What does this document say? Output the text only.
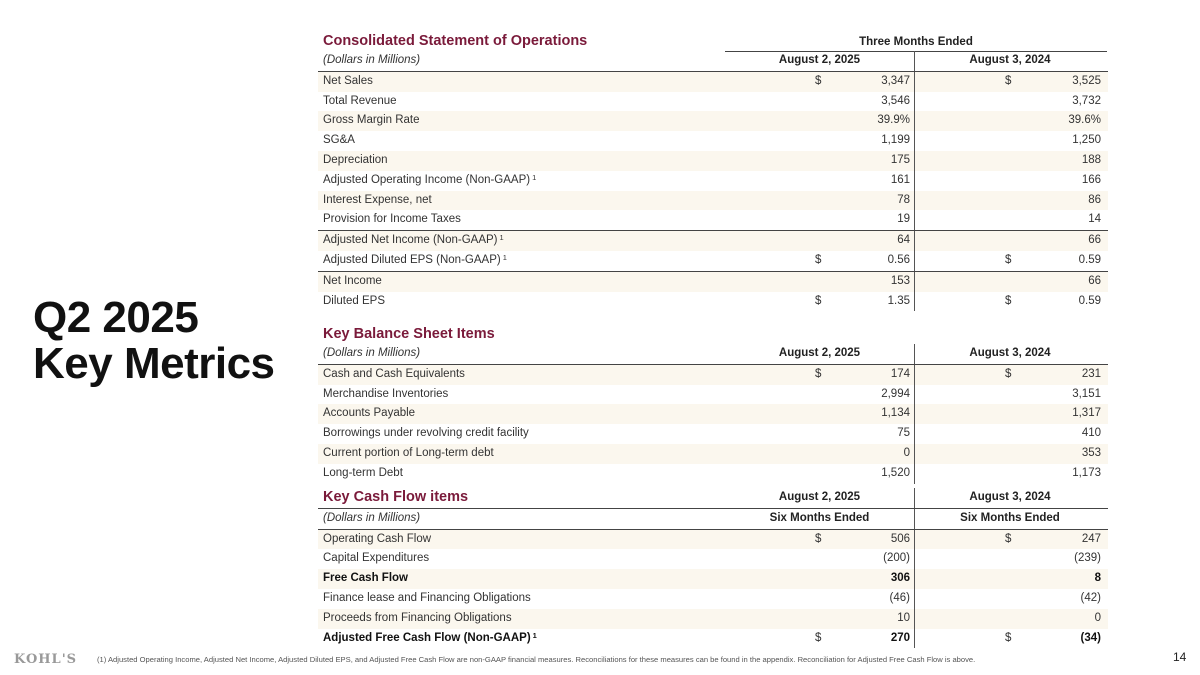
Q2 2025
Key Metrics
Consolidated Statement of Operations	Three Months Ended
(Dollars in Millions)	August 2, 2025	August 3, 2024
Net Sales	$	3,347	$	3,525
Total Revenue	3,546	3,732
Gross Margin Rate	39.9%	39.6%
SG&A	1,199	1,250
Depreciation	175	188
Adjusted Operating Income (Non-GAAP) $^1$	161	166
Interest Expense, net	78	86
Provision for Income Taxes	19	14
Adjusted Net Income (Non-GAAP) $^1$	64	66
Adjusted Diluted EPS (Non-GAAP) $^1$	$	0.56	$	0.59
Net Income	153	66
Diluted EPS	$	1.35	$	0.59
Key Balance Sheet Items
(Dollars in Millions)	August 2, 2025	August 3, 2024
Cash and Cash Equivalents	$	174	$	231
Merchandise Inventories	2,994	3,151
Accounts Payable	1,134	1,317
Borrowings under revolving credit facility	75	410
Current portion of Long-term debt	0	353
Long-term Debt	1,520	1,173
Key Cash Flow items	August 2, 2025	August 3, 2024
(Dollars in Millions)	Six Months Ended	Six Months Ended
Operating Cash Flow	$	506	$	247
Capital Expenditures	(200)	(239)
Free Cash Flow	306	8
Finance lease and Financing Obligations	(46)	(42)
Proceeds from Financing Obligations	10	0
Adjusted Free Cash Flow (Non-GAAP) $^1$	$	270	$	(34)
KOHL'S	(1) Adjusted Operating Income, Adjusted Net Income, Adjusted Diluted EPS, and Adjusted Free Cash Flow are non-GAAP financial measures. Reconciliations for these measures can be found in the appendix. Reconciliation for Adjusted Free Cash Flow is above.	14
